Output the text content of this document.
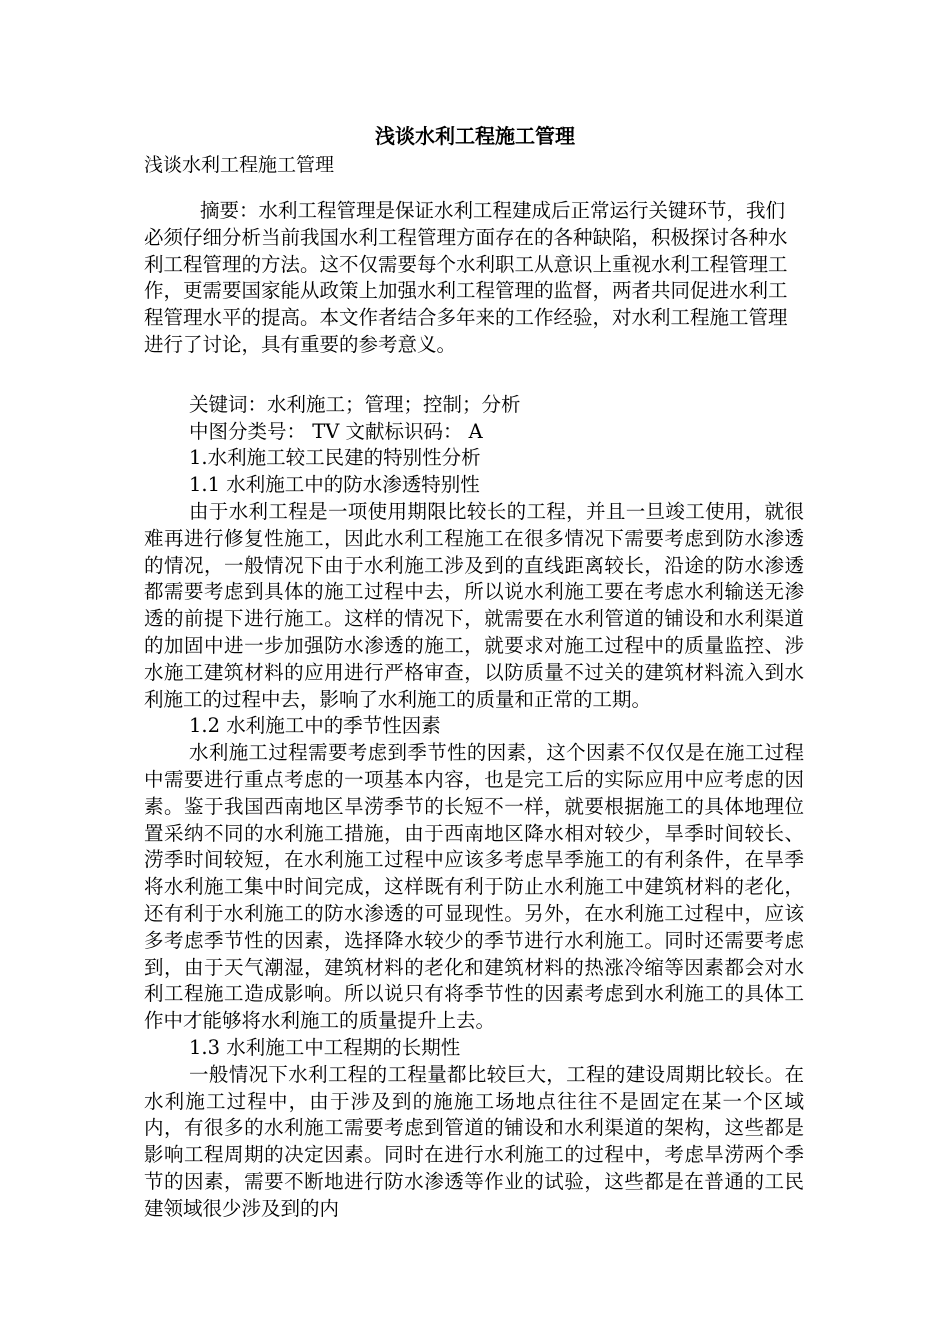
浅谈水利工程施工管理
浅谈水利工程施工管理

摘要：水利工程管理是保证水利工程建成后正常运行关键环节，我们必须仔细分析当前我国水利工程管理方面存在的各种缺陷，积极探讨各种水利工程管理的方法。这不仅需要每个水利职工从意识上重视水利工程管理工作，更需要国家能从政策上加强水利工程管理的监督，两者共同促进水利工程管理水平的提高。本文作者结合多年来的工作经验，对水利工程施工管理进行了讨论，具有重要的参考意义。

关键词：水利施工；管理；控制；分析

中图分类号： TV 文献标识码： A

1.水利施工较工民建的特别性分析

1.1 水利施工中的防水渗透特别性

由于水利工程是一项使用期限比较长的工程，并且一旦竣工使用，就很难再进行修复性施工，因此水利工程施工在很多情况下需要考虑到防水渗透的情况，一般情况下由于水利施工涉及到的直线距离较长，沿途的防水渗透都需要考虑到具体的施工过程中去，所以说水利施工要在考虑水利输送无渗透的前提下进行施工。这样的情况下，就需要在水利管道的铺设和水利渠道的加固中进一步加强防水渗透的施工，就要求对施工过程中的质量监控、涉水施工建筑材料的应用进行严格审查，以防质量不过关的建筑材料流入到水利施工的过程中去，影响了水利施工的质量和正常的工期。

1.2 水利施工中的季节性因素

水利施工过程需要考虑到季节性的因素，这个因素不仅仅是在施工过程中需要进行重点考虑的一项基本内容，也是完工后的实际应用中应考虑的因素。鉴于我国西南地区旱涝季节的长短不一样，就要根据施工的具体地理位置采纳不同的水利施工措施，由于西南地区降水相对较少，旱季时间较长、涝季时间较短，在水利施工过程中应该多考虑旱季施工的有利条件，在旱季将水利施工集中时间完成，这样既有利于防止水利施工中建筑材料的老化，还有利于水利施工的防水渗透的可显现性。另外，在水利施工过程中，应该多考虑季节性的因素，选择降水较少的季节进行水利施工。同时还需要考虑到，由于天气潮湿，建筑材料的老化和建筑材料的热涨冷缩等因素都会对水利工程施工造成影响。所以说只有将季节性的因素考虑到水利施工的具体工作中才能够将水利施工的质量提升上去。

1.3 水利施工中工程期的长期性

一般情况下水利工程的工程量都比较巨大，工程的建设周期比较长。在水利施工过程中，由于涉及到的施施工场地点往往不是固定在某一个区域内，有很多的水利施工需要考虑到管道的铺设和水利渠道的架构，这些都是影响工程周期的决定因素。同时在进行水利施工的过程中，考虑旱涝两个季节的因素，需要不断地进行防水渗透等作业的试验，这些都是在普通的工民建领域很少涉及到的内
